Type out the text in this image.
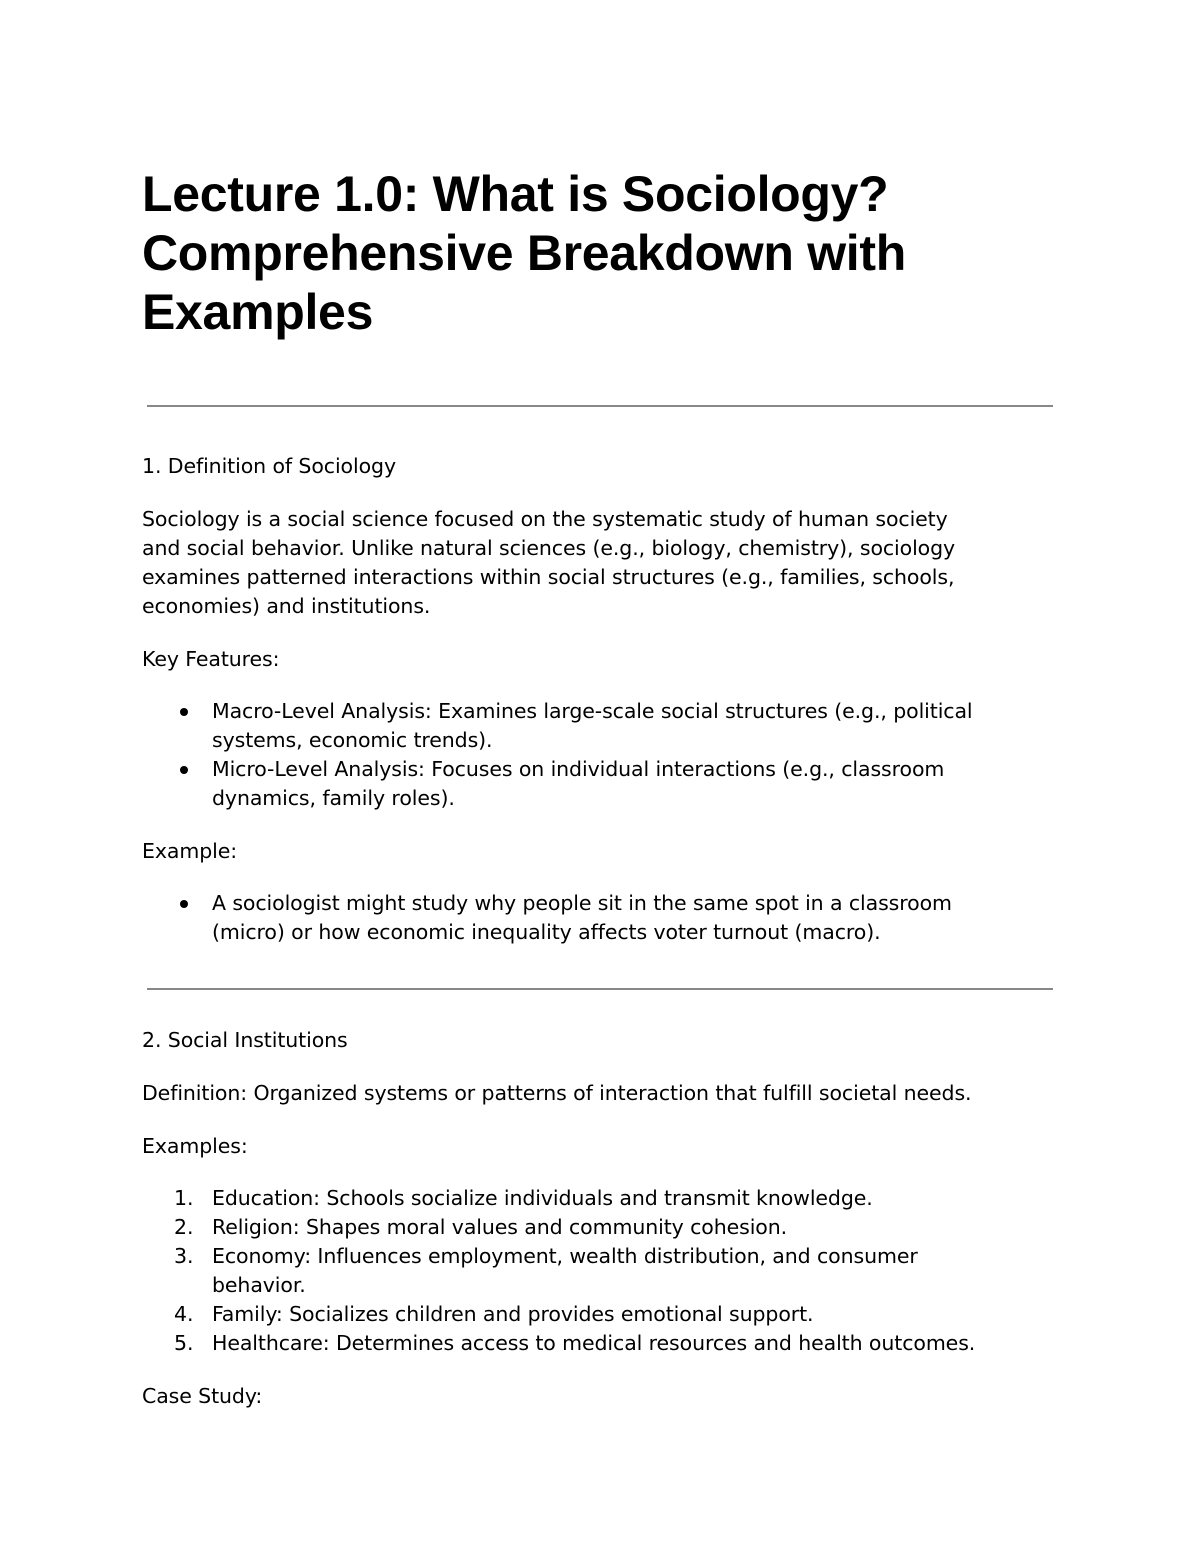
Lecture 1.0: What is Sociology? Comprehensive Breakdown with Examples

1. Definition of Sociology

Sociology is a social science focused on the systematic study of human society

and social behavior. Unlike natural sciences (e.g., biology, chemistry), sociology

examines patterned interactions within social structures (e.g., families, schools,

economies) and institutions.

Key Features:

Macro-Level Analysis: Examines large-scale social structures (e.g., political
systems, economic trends).

Micro-Level Analysis: Focuses on individual interactions (e.g., classroom
dynamics, family roles).

Example:

A sociologist might study why people sit in the same spot in a classroom
(micro) or how economic inequality affects voter turnout (macro).

2. Social Institutions

Definition: Organized systems or patterns of interaction that fulfill societal needs.

Examples:

1. Education: Schools socialize individuals and transmit knowledge.

2. Religion: Shapes moral values and community cohesion.

3. Economy: Influences employment, wealth distribution, and consumer
behavior.

4. Family: Socializes children and provides emotional support.

5. Healthcare: Determines access to medical resources and health outcomes.

Case Study:
